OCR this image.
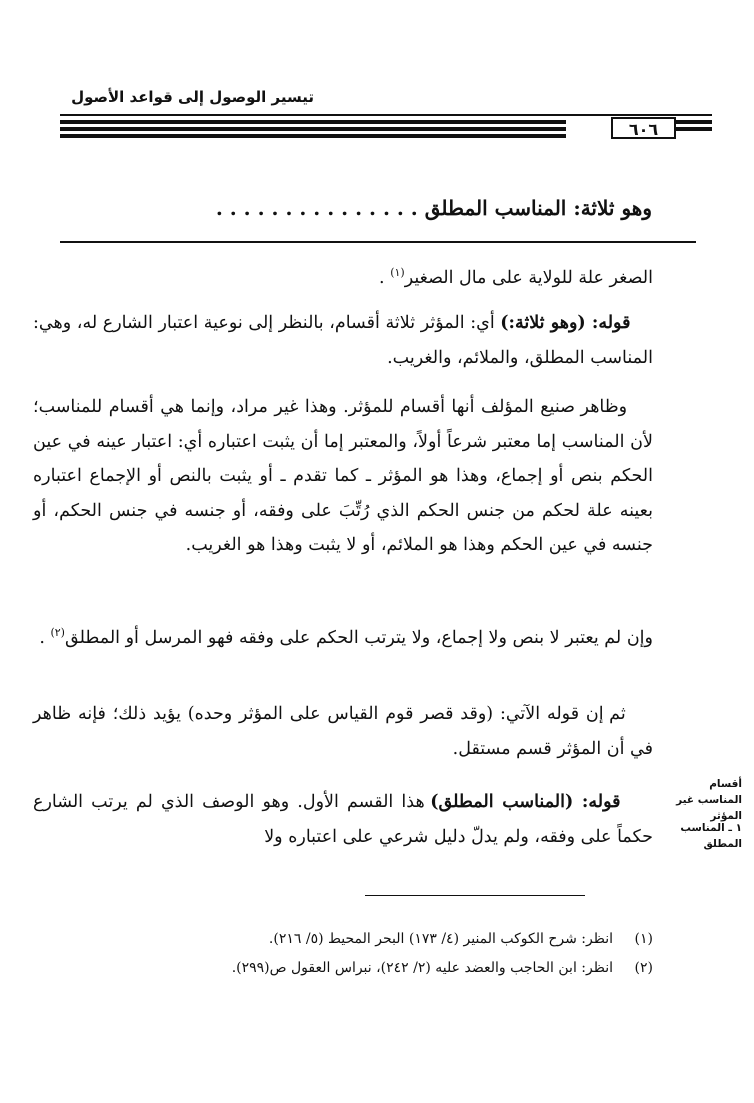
تيسير الوصول إلى قواعد الأصول
٦٠٦
وهو ثلاثة: المناسب المطلق . . . . . . . . . . . . . . .
الصغر علة للولاية على مال الصغير$^{(١)}$ .
قوله: (وهو ثلاثة:) أي: المؤثر ثلاثة أقسام، بالنظر إلى نوعية اعتبار الشارع له، وهي: المناسب المطلق، والملائم، والغريب.
وظاهر صنيع المؤلف أنها أقسام للمؤثر. وهذا غير مراد، وإنما هي أقسام للمناسب؛ لأن المناسب إما معتبر شرعاً أولاً، والمعتبر إما أن يثبت اعتباره أي: اعتبار عينه في عين الحكم بنص أو إجماع، وهذا هو المؤثر ـ كما تقدم ـ أو يثبت بالنص أو الإجماع اعتباره بعينه علة لحكم من جنس الحكم الذي رُتِّبَ على وفقه، أو جنسه في جنس الحكم، أو جنسه في عين الحكم وهذا هو الملائم، أو لا يثبت وهذا هو الغريب.
وإن لم يعتبر لا بنص ولا إجماع، ولا يترتب الحكم على وفقه فهو المرسل أو المطلق$^{(٢)}$ .
ثم إن قوله الآتي: (وقد قصر قوم القياس على المؤثر وحده) يؤيد ذلك؛ فإنه ظاهر في أن المؤثر قسم مستقل.
قوله: (المناسب المطلق) هذا القسم الأول. وهو الوصف الذي لم يرتب الشارع حكماً على وفقه، ولم يدلّ دليل شرعي على اعتباره ولا
أقسام المناسب غير المؤثر
١ ـ المناسب المطلق
(١)انظر: شرح الكوكب المنير (٤/ ١٧٣) البحر المحيط (٥/ ٢١٦).
(٢)انظر: ابن الحاجب والعضد عليه (٢/ ٢٤٢)، نبراس العقول ص(٢٩٩).
